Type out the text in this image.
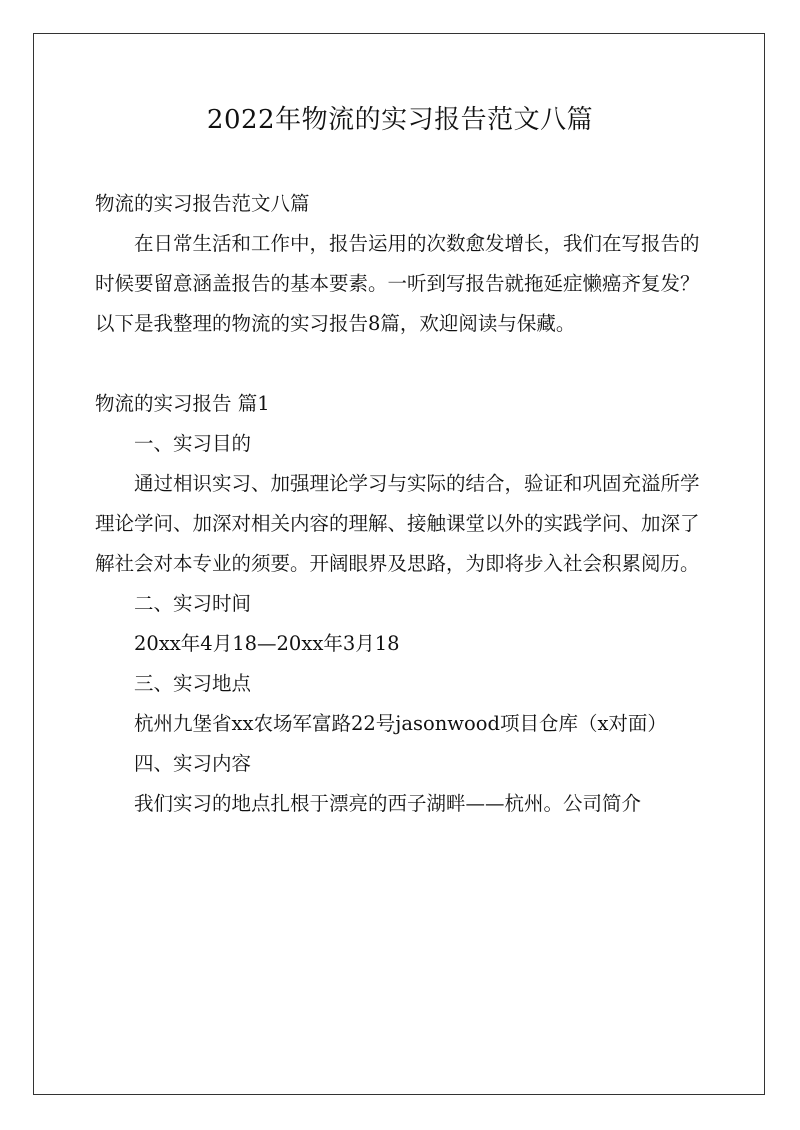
2022年物流的实习报告范文八篇

物流的实习报告范文八篇

在日常生活和工作中，报告运用的次数愈发增长，我们在写报告的时候要留意涵盖报告的基本要素。一听到写报告就拖延症懒癌齐复发？以下是我整理的物流的实习报告8篇，欢迎阅读与保藏。

物流的实习报告 篇1

一、实习目的

通过相识实习、加强理论学习与实际的结合，验证和巩固充溢所学理论学问、加深对相关内容的理解、接触课堂以外的实践学问、加深了解社会对本专业的须要。开阔眼界及思路，为即将步入社会积累阅历。

二、实习时间

20xx年4月18—20xx年3月18

三、实习地点

杭州九堡省xx农场军富路22号jasonwood项目仓库（x对面）

四、实习内容

我们实习的地点扎根于漂亮的西子湖畔——杭州。公司简介
